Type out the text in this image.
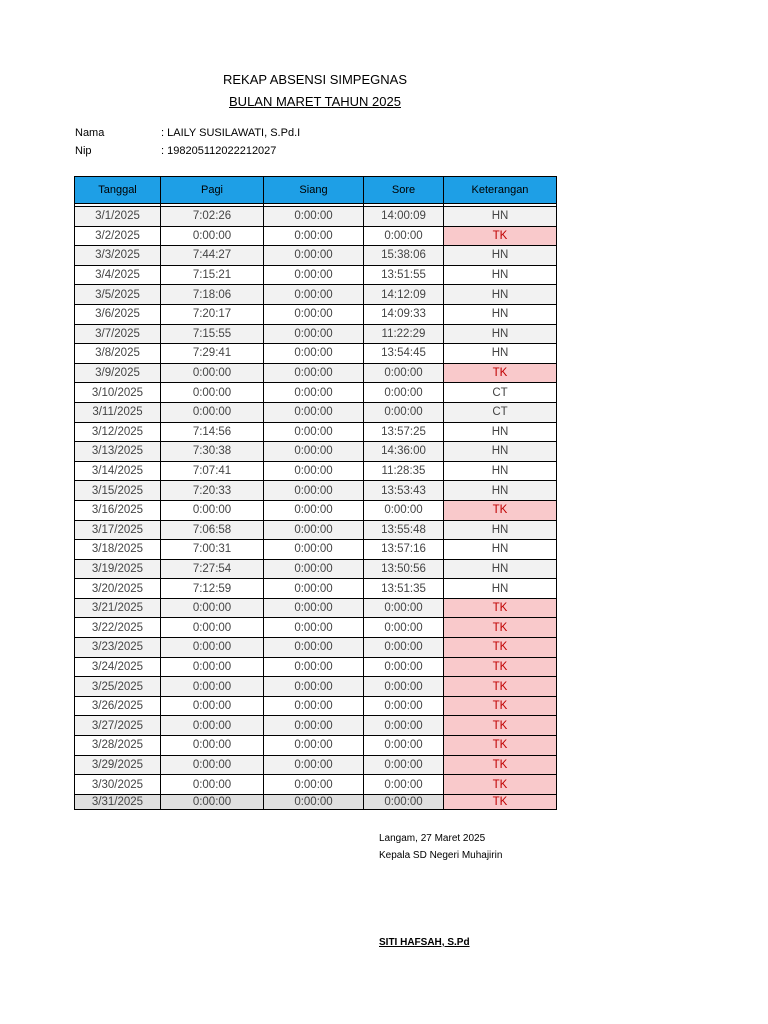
REKAP ABSENSI SIMPEGNAS
BULAN MARET TAHUN 2025
Nama	: LAILY SUSILAWATI, S.Pd.I
Nip	: 198205112022212027
Tanggal	Pagi	Siang	Sore	Keterangan

3/1/2025	7:02:26	0:00:00	14:00:09	HN
3/2/2025	0:00:00	0:00:00	0:00:00	TK
3/3/2025	7:44:27	0:00:00	15:38:06	HN
3/4/2025	7:15:21	0:00:00	13:51:55	HN
3/5/2025	7:18:06	0:00:00	14:12:09	HN
3/6/2025	7:20:17	0:00:00	14:09:33	HN
3/7/2025	7:15:55	0:00:00	11:22:29	HN
3/8/2025	7:29:41	0:00:00	13:54:45	HN
3/9/2025	0:00:00	0:00:00	0:00:00	TK
3/10/2025	0:00:00	0:00:00	0:00:00	CT
3/11/2025	0:00:00	0:00:00	0:00:00	CT
3/12/2025	7:14:56	0:00:00	13:57:25	HN
3/13/2025	7:30:38	0:00:00	14:36:00	HN
3/14/2025	7:07:41	0:00:00	11:28:35	HN
3/15/2025	7:20:33	0:00:00	13:53:43	HN
3/16/2025	0:00:00	0:00:00	0:00:00	TK
3/17/2025	7:06:58	0:00:00	13:55:48	HN
3/18/2025	7:00:31	0:00:00	13:57:16	HN
3/19/2025	7:27:54	0:00:00	13:50:56	HN
3/20/2025	7:12:59	0:00:00	13:51:35	HN
3/21/2025	0:00:00	0:00:00	0:00:00	TK
3/22/2025	0:00:00	0:00:00	0:00:00	TK
3/23/2025	0:00:00	0:00:00	0:00:00	TK
3/24/2025	0:00:00	0:00:00	0:00:00	TK
3/25/2025	0:00:00	0:00:00	0:00:00	TK
3/26/2025	0:00:00	0:00:00	0:00:00	TK
3/27/2025	0:00:00	0:00:00	0:00:00	TK
3/28/2025	0:00:00	0:00:00	0:00:00	TK
3/29/2025	0:00:00	0:00:00	0:00:00	TK
3/30/2025	0:00:00	0:00:00	0:00:00	TK
3/31/2025	0:00:00	0:00:00	0:00:00	TK
Langam, 27 Maret 2025
Kepala SD Negeri Muhajirin
SITI HAFSAH, S.Pd
